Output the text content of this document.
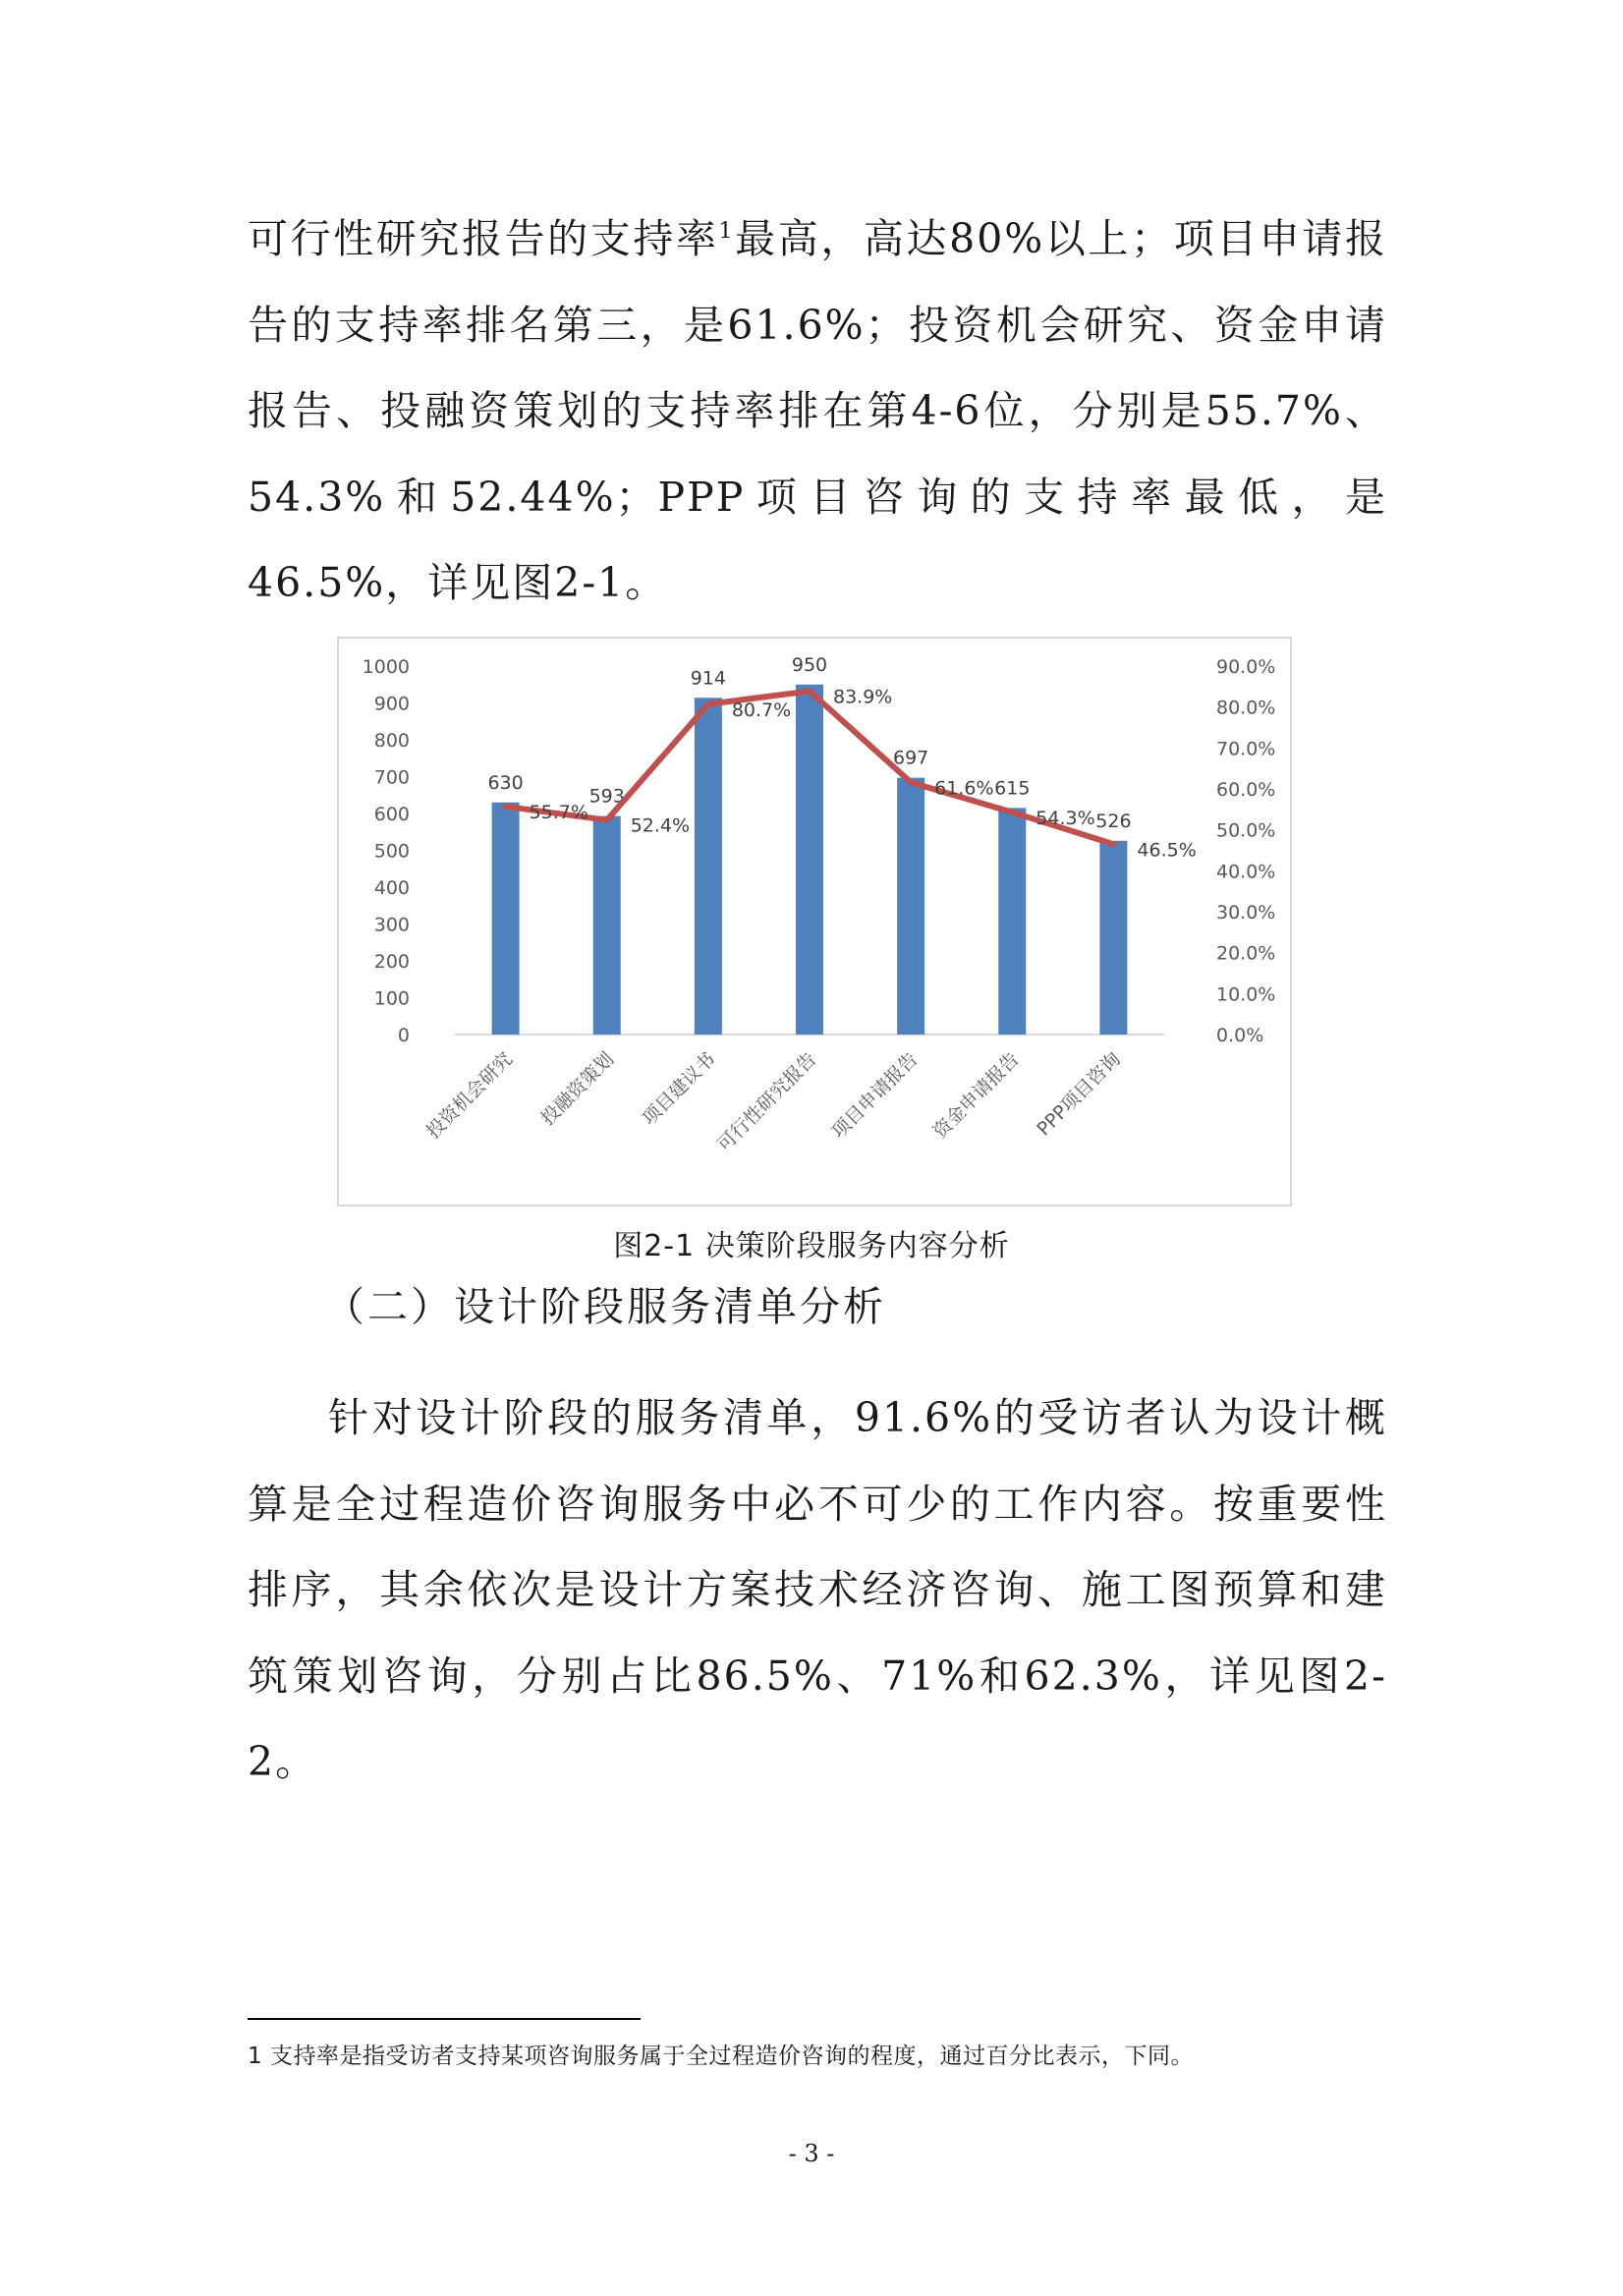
可行性研究报告的支持率$^1$最高，高达80%以上；项目申请报告的支持率排名第三，是61.6%；投资机会研究、资金申请报告、投融资策划的支持率排在第4-6位，分别是55.7%、54.3%和52.44%；PPP项目咨询的支持率最低，是46.5%，详见图2-1。

0
100
200
300
400
500
600
700
800
900
1000
0.0%
10.0%
20.0%
30.0%
40.0%
50.0%
60.0%
70.0%
80.0%
90.0%
630
593
914
950
697
615
526
55.7%
52.4%
80.7%
83.9%
61.6%
54.3%
46.5%
投资机会研究 投融资策划 项目建议书
可行性研究报告 项目申请报告 资金申请报告 PPP项目咨询
图2-1 决策阶段服务内容分析
（二）设计阶段服务清单分析

针对设计阶段的服务清单，91.6%的受访者认为设计概算是全过程造价咨询服务中必不可少的工作内容。按重要性排序，其余依次是设计方案技术经济咨询、施工图预算和建筑策划咨询，分别占比86.5%、71%和62.3%，详见图2-2。

1 支持率是指受访者支持某项咨询服务属于全过程造价咨询的程度，通过百分比表示，下同。
- 3 -
